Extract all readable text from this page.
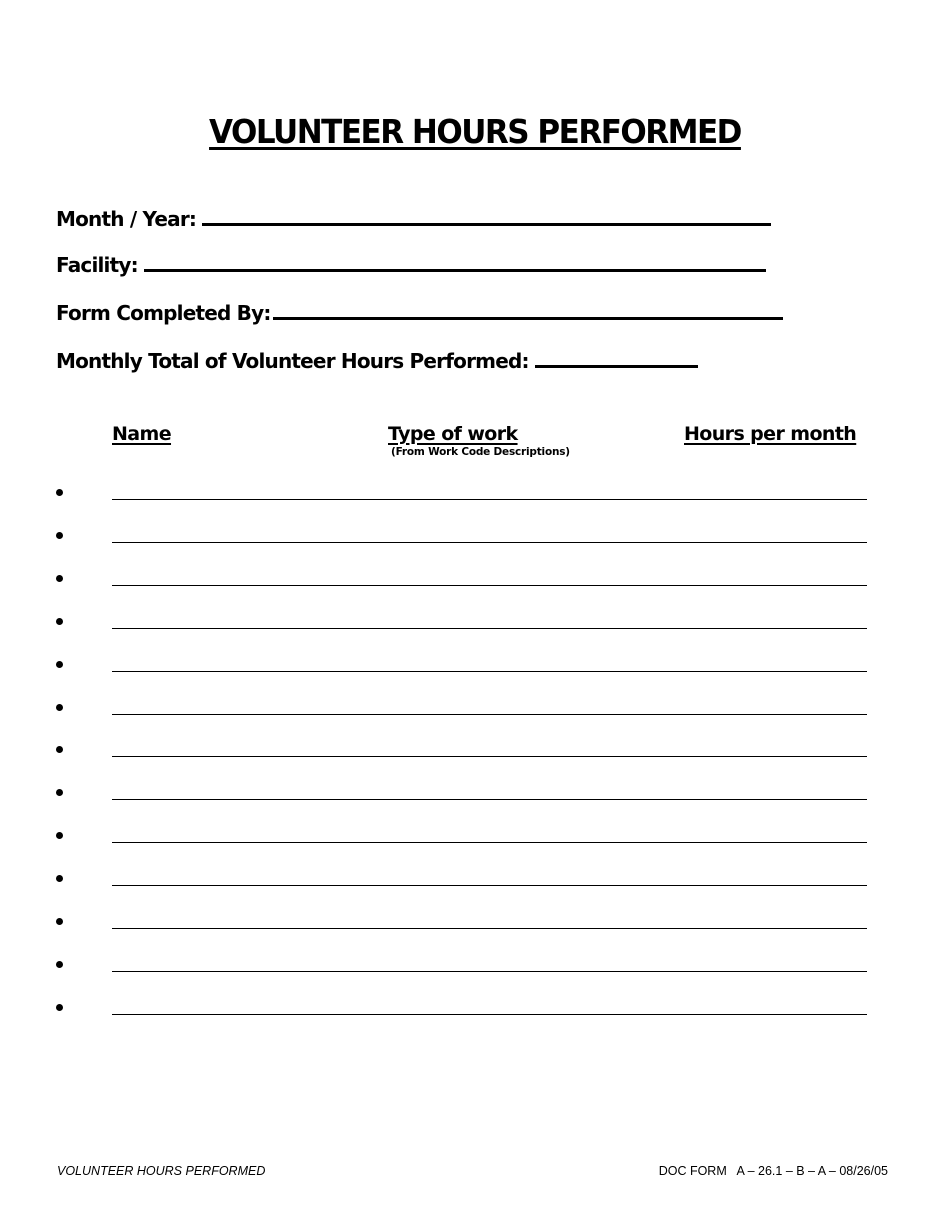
VOLUNTEER HOURS PERFORMED
Month / Year:
Facility:
Form Completed By:
Monthly Total of Volunteer Hours Performed:
Name	Type of work
(From Work Code Descriptions)
Hours per month
VOLUNTEER HOURS PERFORMED	DOC FORM   A – 26.1 – B – A – 08/26/05
